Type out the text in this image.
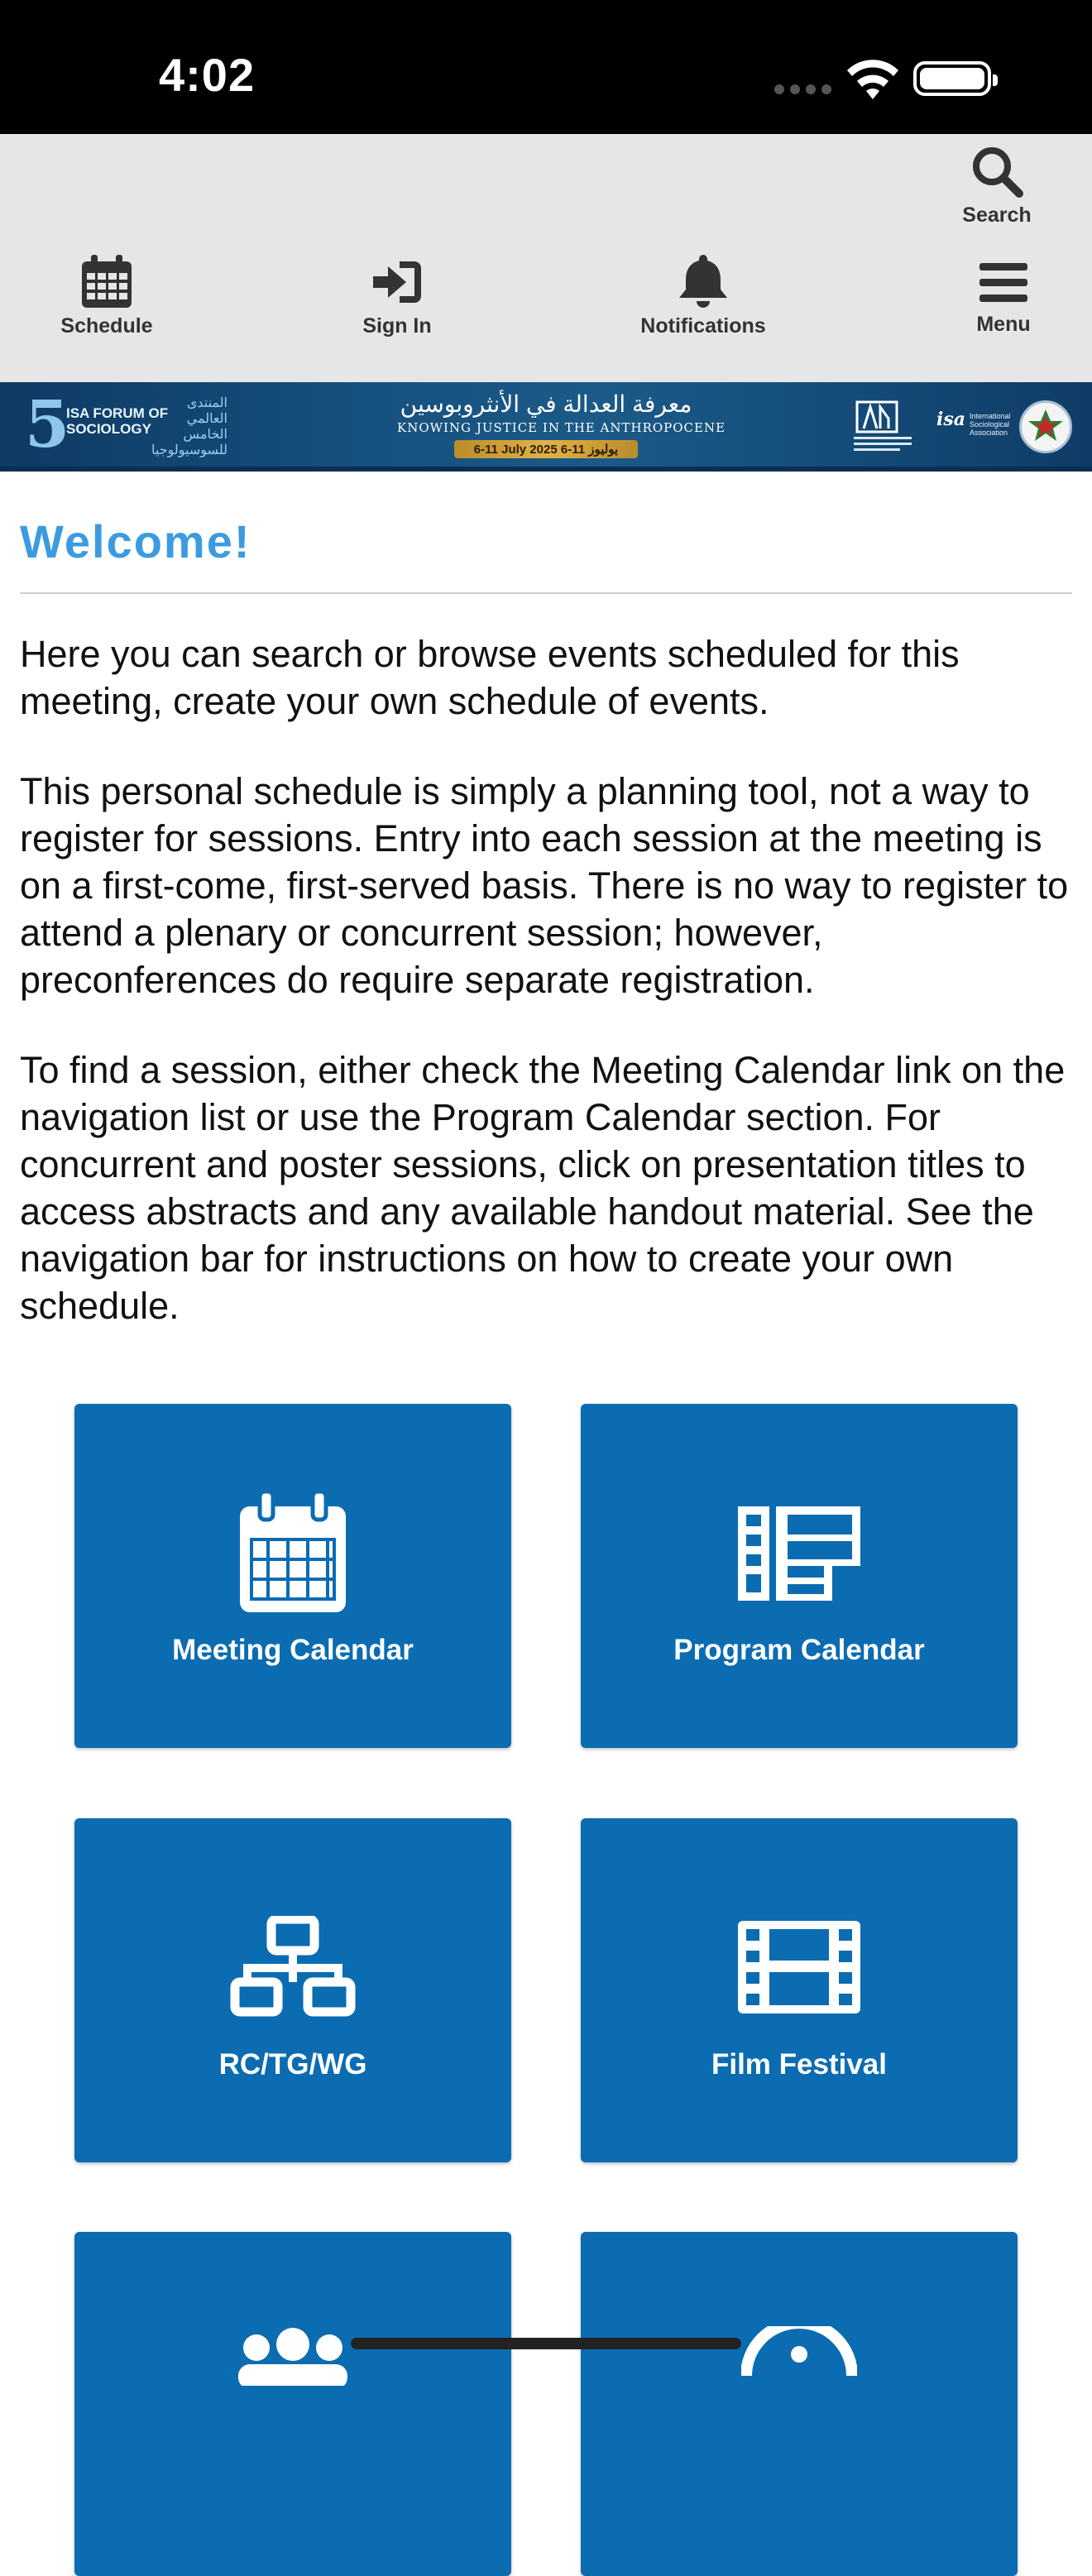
4:02
Search
Schedule	Sign In	Notifications	Menu
5
ISA FORUM OF
SOCIOLOGY
المنتدى العالمي الخامس للسوسيولوجيا
معرفة العدالة في الأنثروبوسين
KNOWING JUSTICE IN THE ANTHROPOCENE
6-11 July 2025 يوليوز 11-6
isa International Sociological Association
Welcome!

Here you can search or browse events scheduled for this meeting, create your own schedule of events.

This personal schedule is simply a planning tool, not a way to register for sessions. Entry into each session at the meeting is on a first-come, first-served basis. There is no way to register to attend a plenary or concurrent session; however, preconferences do require separate registration.

To find a session, either check the Meeting Calendar link on the navigation list or use the Program Calendar section. For concurrent and poster sessions, click on presentation titles to access abstracts and any available handout material. See the navigation bar for instructions on how to create your own schedule.

Meeting Calendar	Program Calendar
RC/TG/WG	Film Festival
